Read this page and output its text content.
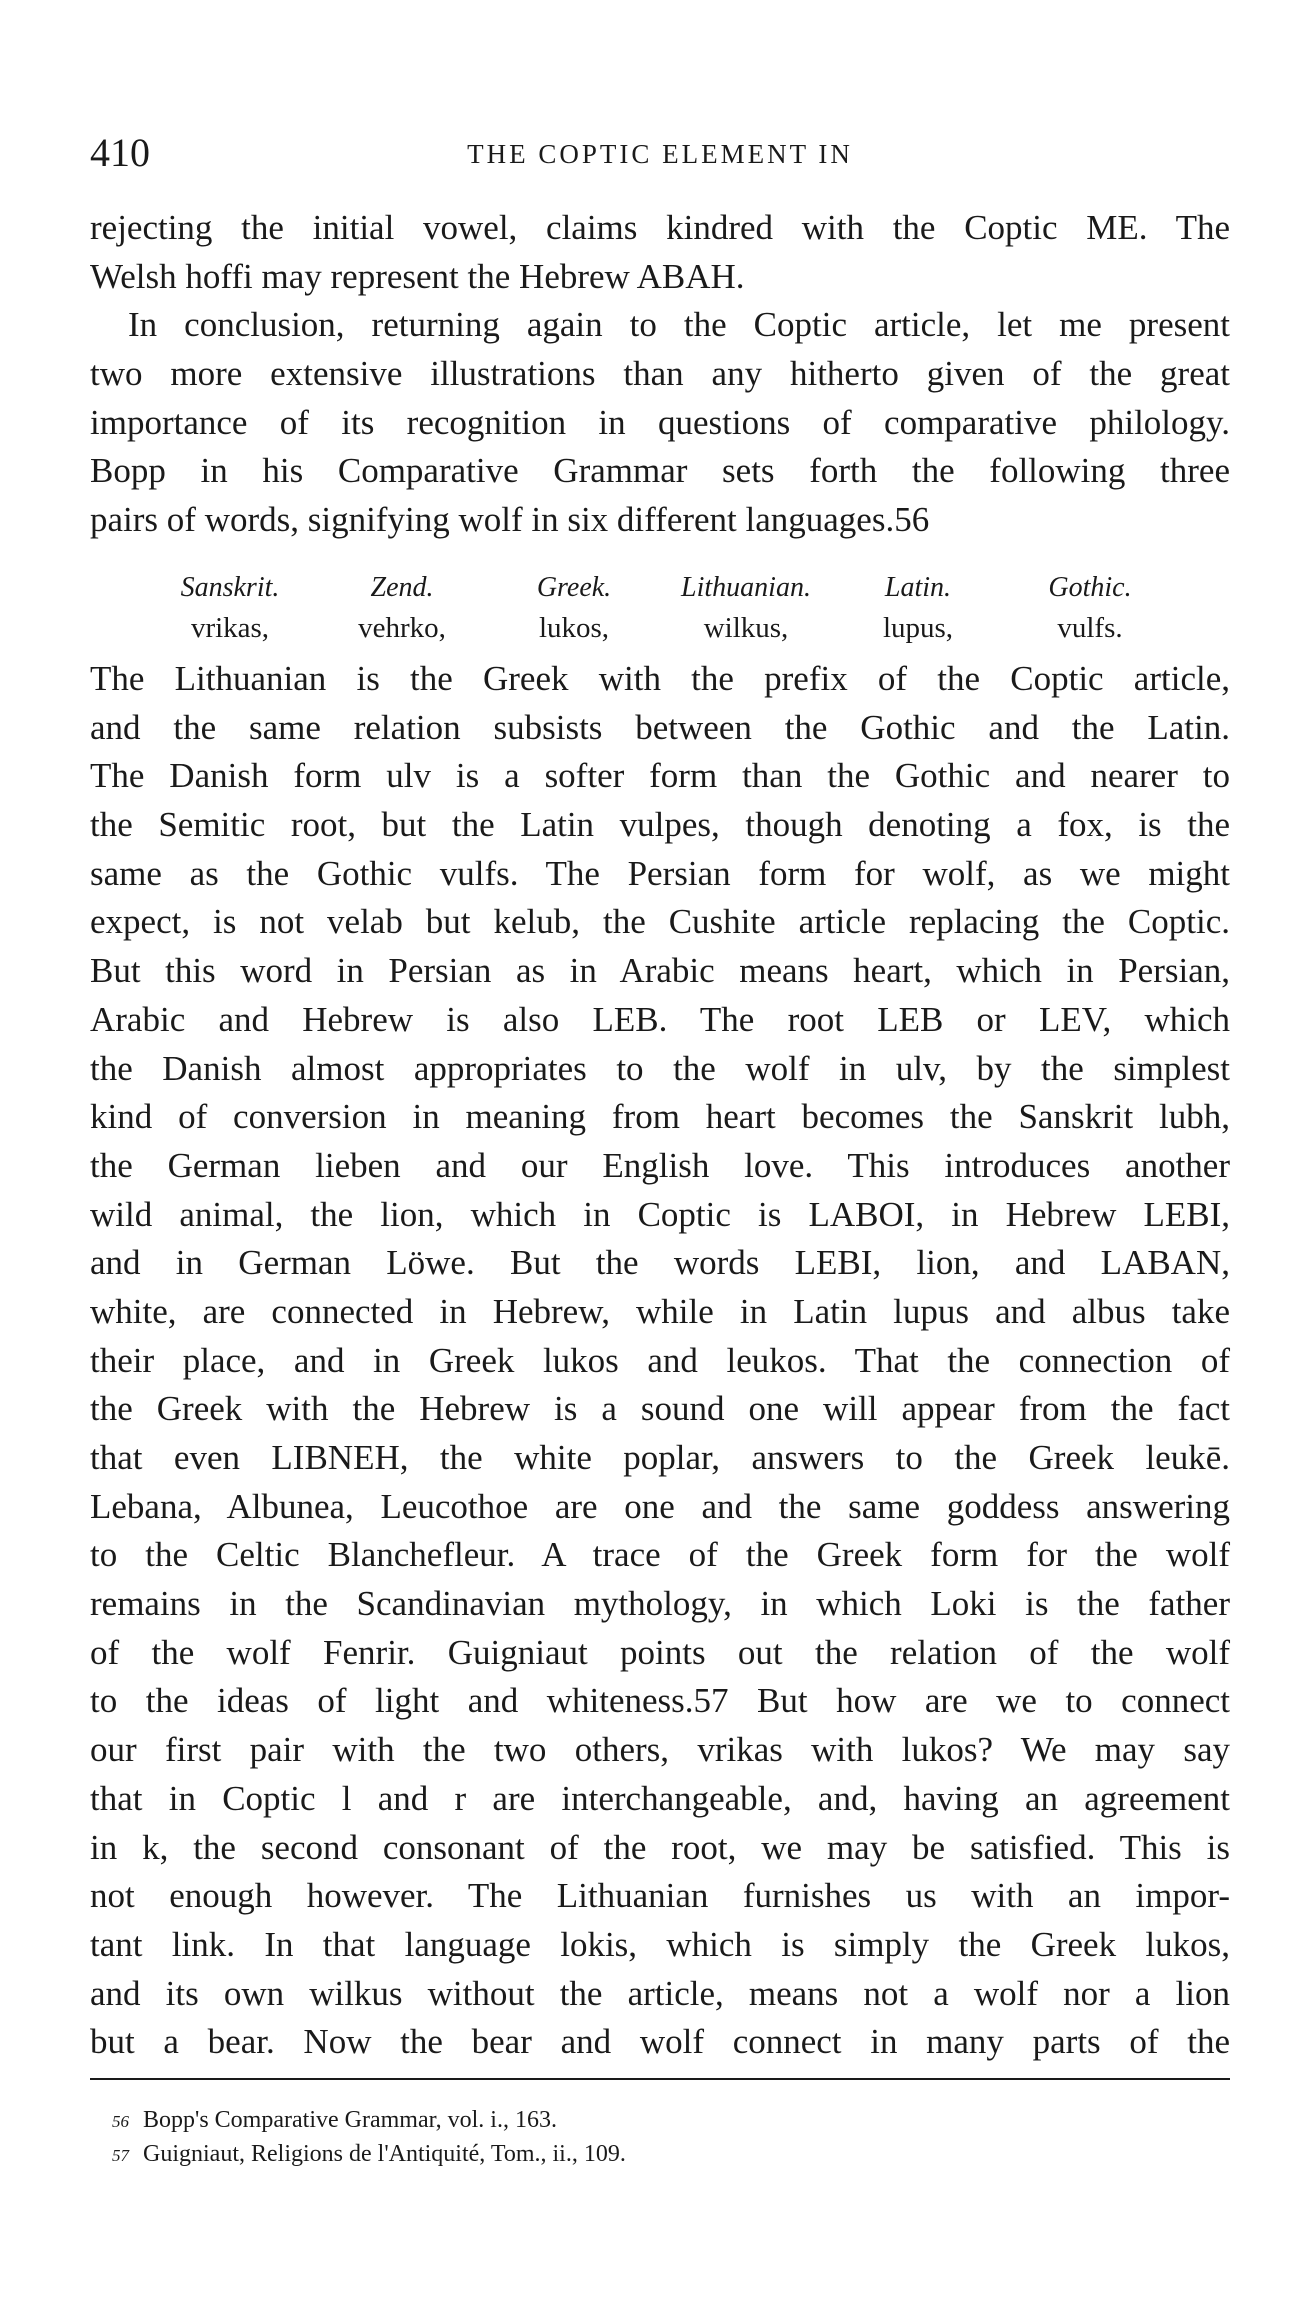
410	THE COPTIC ELEMENT IN
rejecting the initial vowel, claims kindred with the Coptic ME. The
Welsh hoffi may represent the Hebrew ABAH.
In conclusion, returning again to the Coptic article, let me present
two more extensive illustrations than any hitherto given of the great
importance of its recognition in questions of comparative philology.
Bopp in his Comparative Grammar sets forth the following three
pairs of words, signifying wolf in six different languages.56
Sanskrit.	Zend.	Greek.	Lithuanian.	Latin.	Gothic.
vrikas,	vehrko,	lukos,	wilkus,	lupus,	vulfs.
The Lithuanian is the Greek with the prefix of the Coptic article,
and the same relation subsists between the Gothic and the Latin.
The Danish form ulv is a softer form than the Gothic and nearer to
the Semitic root, but the Latin vulpes, though denoting a fox, is the
same as the Gothic vulfs. The Persian form for wolf, as we might
expect, is not velab but kelub, the Cushite article replacing the Coptic.
But this word in Persian as in Arabic means heart, which in Persian,
Arabic and Hebrew is also LEB. The root LEB or LEV, which
the Danish almost appropriates to the wolf in ulv, by the simplest
kind of conversion in meaning from heart becomes the Sanskrit lubh,
the German lieben and our English love. This introduces another
wild animal, the lion, which in Coptic is LABOI, in Hebrew LEBI,
and in German Löwe. But the words LEBI, lion, and LABAN,
white, are connected in Hebrew, while in Latin lupus and albus take
their place, and in Greek lukos and leukos. That the connection of
the Greek with the Hebrew is a sound one will appear from the fact
that even LIBNEH, the white poplar, answers to the Greek leukē.
Lebana, Albunea, Leucothoe are one and the same goddess answering
to the Celtic Blanchefleur. A trace of the Greek form for the wolf
remains in the Scandinavian mythology, in which Loki is the father
of the wolf Fenrir. Guigniaut points out the relation of the wolf
to the ideas of light and whiteness.57 But how are we to connect
our first pair with the two others, vrikas with lukos? We may say
that in Coptic l and r are interchangeable, and, having an agreement
in k, the second consonant of the root, we may be satisfied. This is
not enough however. The Lithuanian furnishes us with an impor-
tant link. In that language lokis, which is simply the Greek lukos,
and its own wilkus without the article, means not a wolf nor a lion
but a bear. Now the bear and wolf connect in many parts of the
56 Bopp's Comparative Grammar, vol. i., 163.
57 Guigniaut, Religions de l'Antiquité, Tom., ii., 109.
